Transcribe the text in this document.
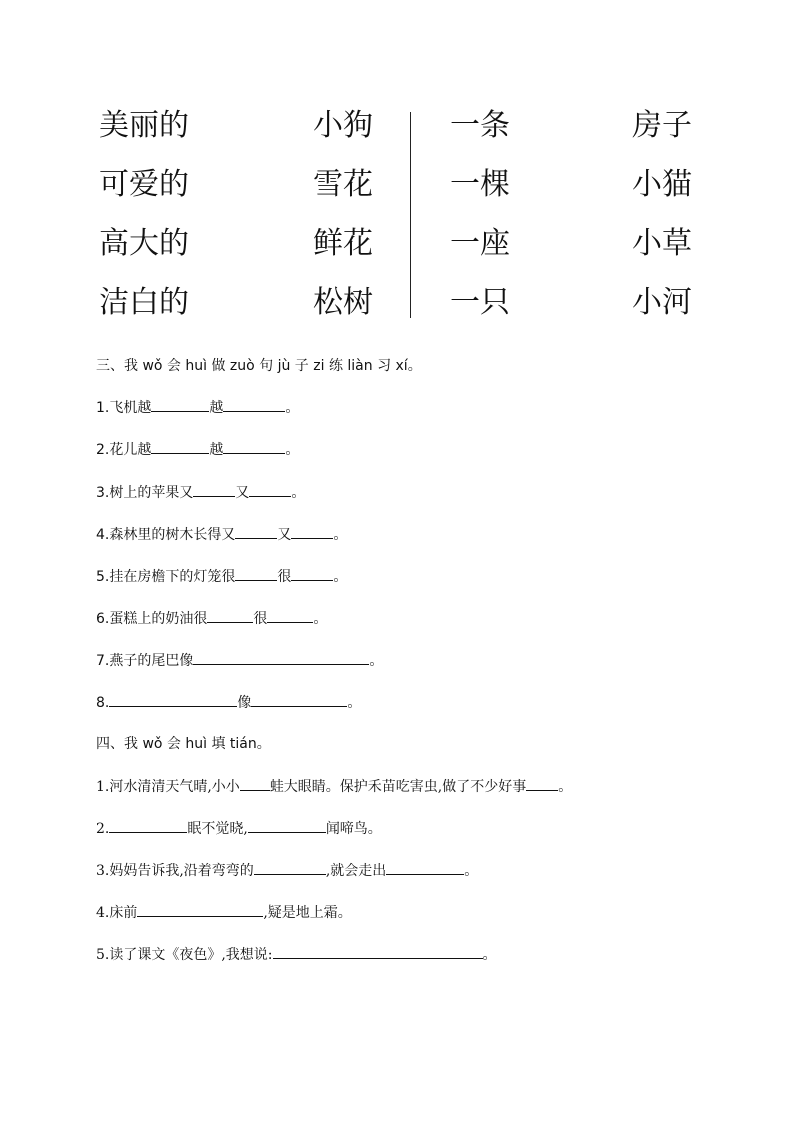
美丽的	小狗	一条	房子
可爱的	雪花	一棵	小猫
高大的	鲜花	一座	小草
洁白的	松树	一只	小河
三、我 wǒ 会 huì 做 zuò 句 jù 子 zi 练 liàn 习 xí。
1.飞机越	越	。
2.花儿越	越	。
3.树上的苹果又	又	。
4.森林里的树木长得又	又	。
5.挂在房檐下的灯笼很	很	。
6.蛋糕上的奶油很	很	。
7.燕子的尾巴像	。
8.	像	。
四、我 wǒ 会 huì 填 tián。
1.河水清清天气晴,小小 蛙大眼睛。保护禾苗吃害虫,做了不少好事 。
2.	眠不觉晓,	闻啼鸟。
3.妈妈告诉我,沿着弯弯的	,就会走出	。
4.床前	,疑是地上霜。
5.读了课文《夜色》,我想说:	。
